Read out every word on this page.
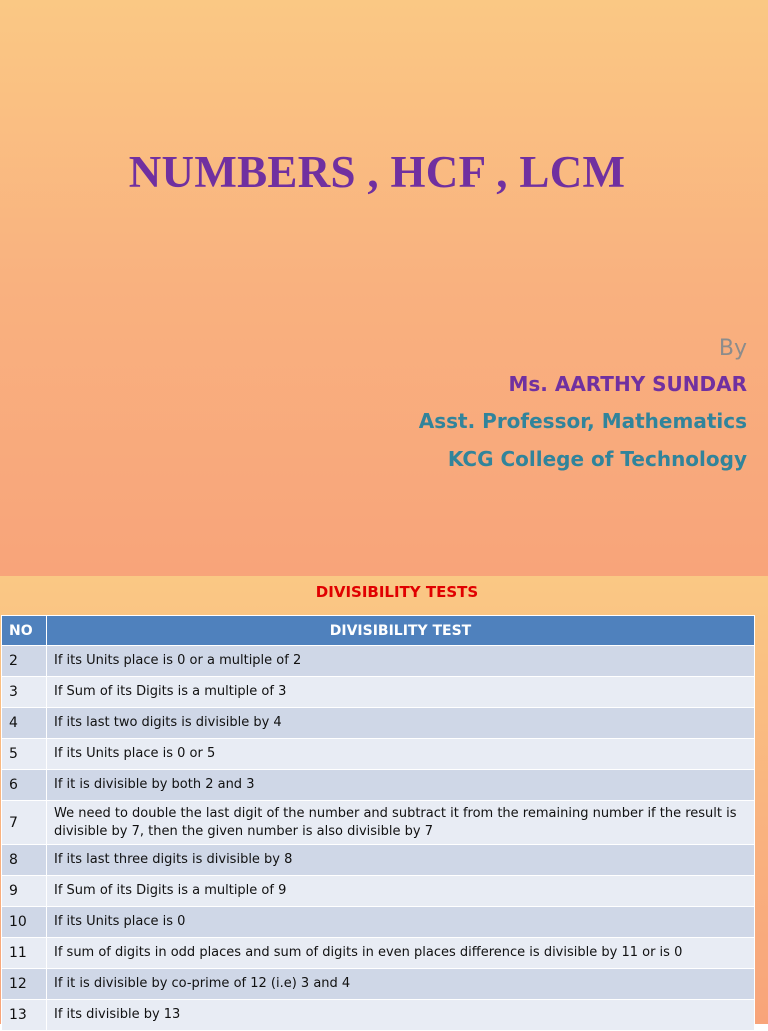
NUMBERS , HCF , LCM
By
Ms. AARTHY SUNDAR
Asst. Professor, Mathematics
KCG College of Technology
DIVISIBILITY TESTS
NO	DIVISIBILITY TEST
2	If its Units place is 0 or a multiple of 2
3	If Sum of its Digits is a multiple of 3
4	If its last two digits is divisible by 4
5	If its Units place is 0 or 5
6	If it is divisible by both 2 and 3
7	We need to double the last digit of the number and subtract it from the remaining number if the result is divisible by 7, then the given number is also divisible by 7
8	If its last three digits is divisible by 8
9	If Sum of its Digits is a multiple of 9
10	If its Units place is 0
11	If sum of digits in odd places and sum of digits in even places difference is divisible by 11 or is 0
12	If it is divisible by co-prime of 12 (i.e) 3 and 4
13	If its divisible by 13
